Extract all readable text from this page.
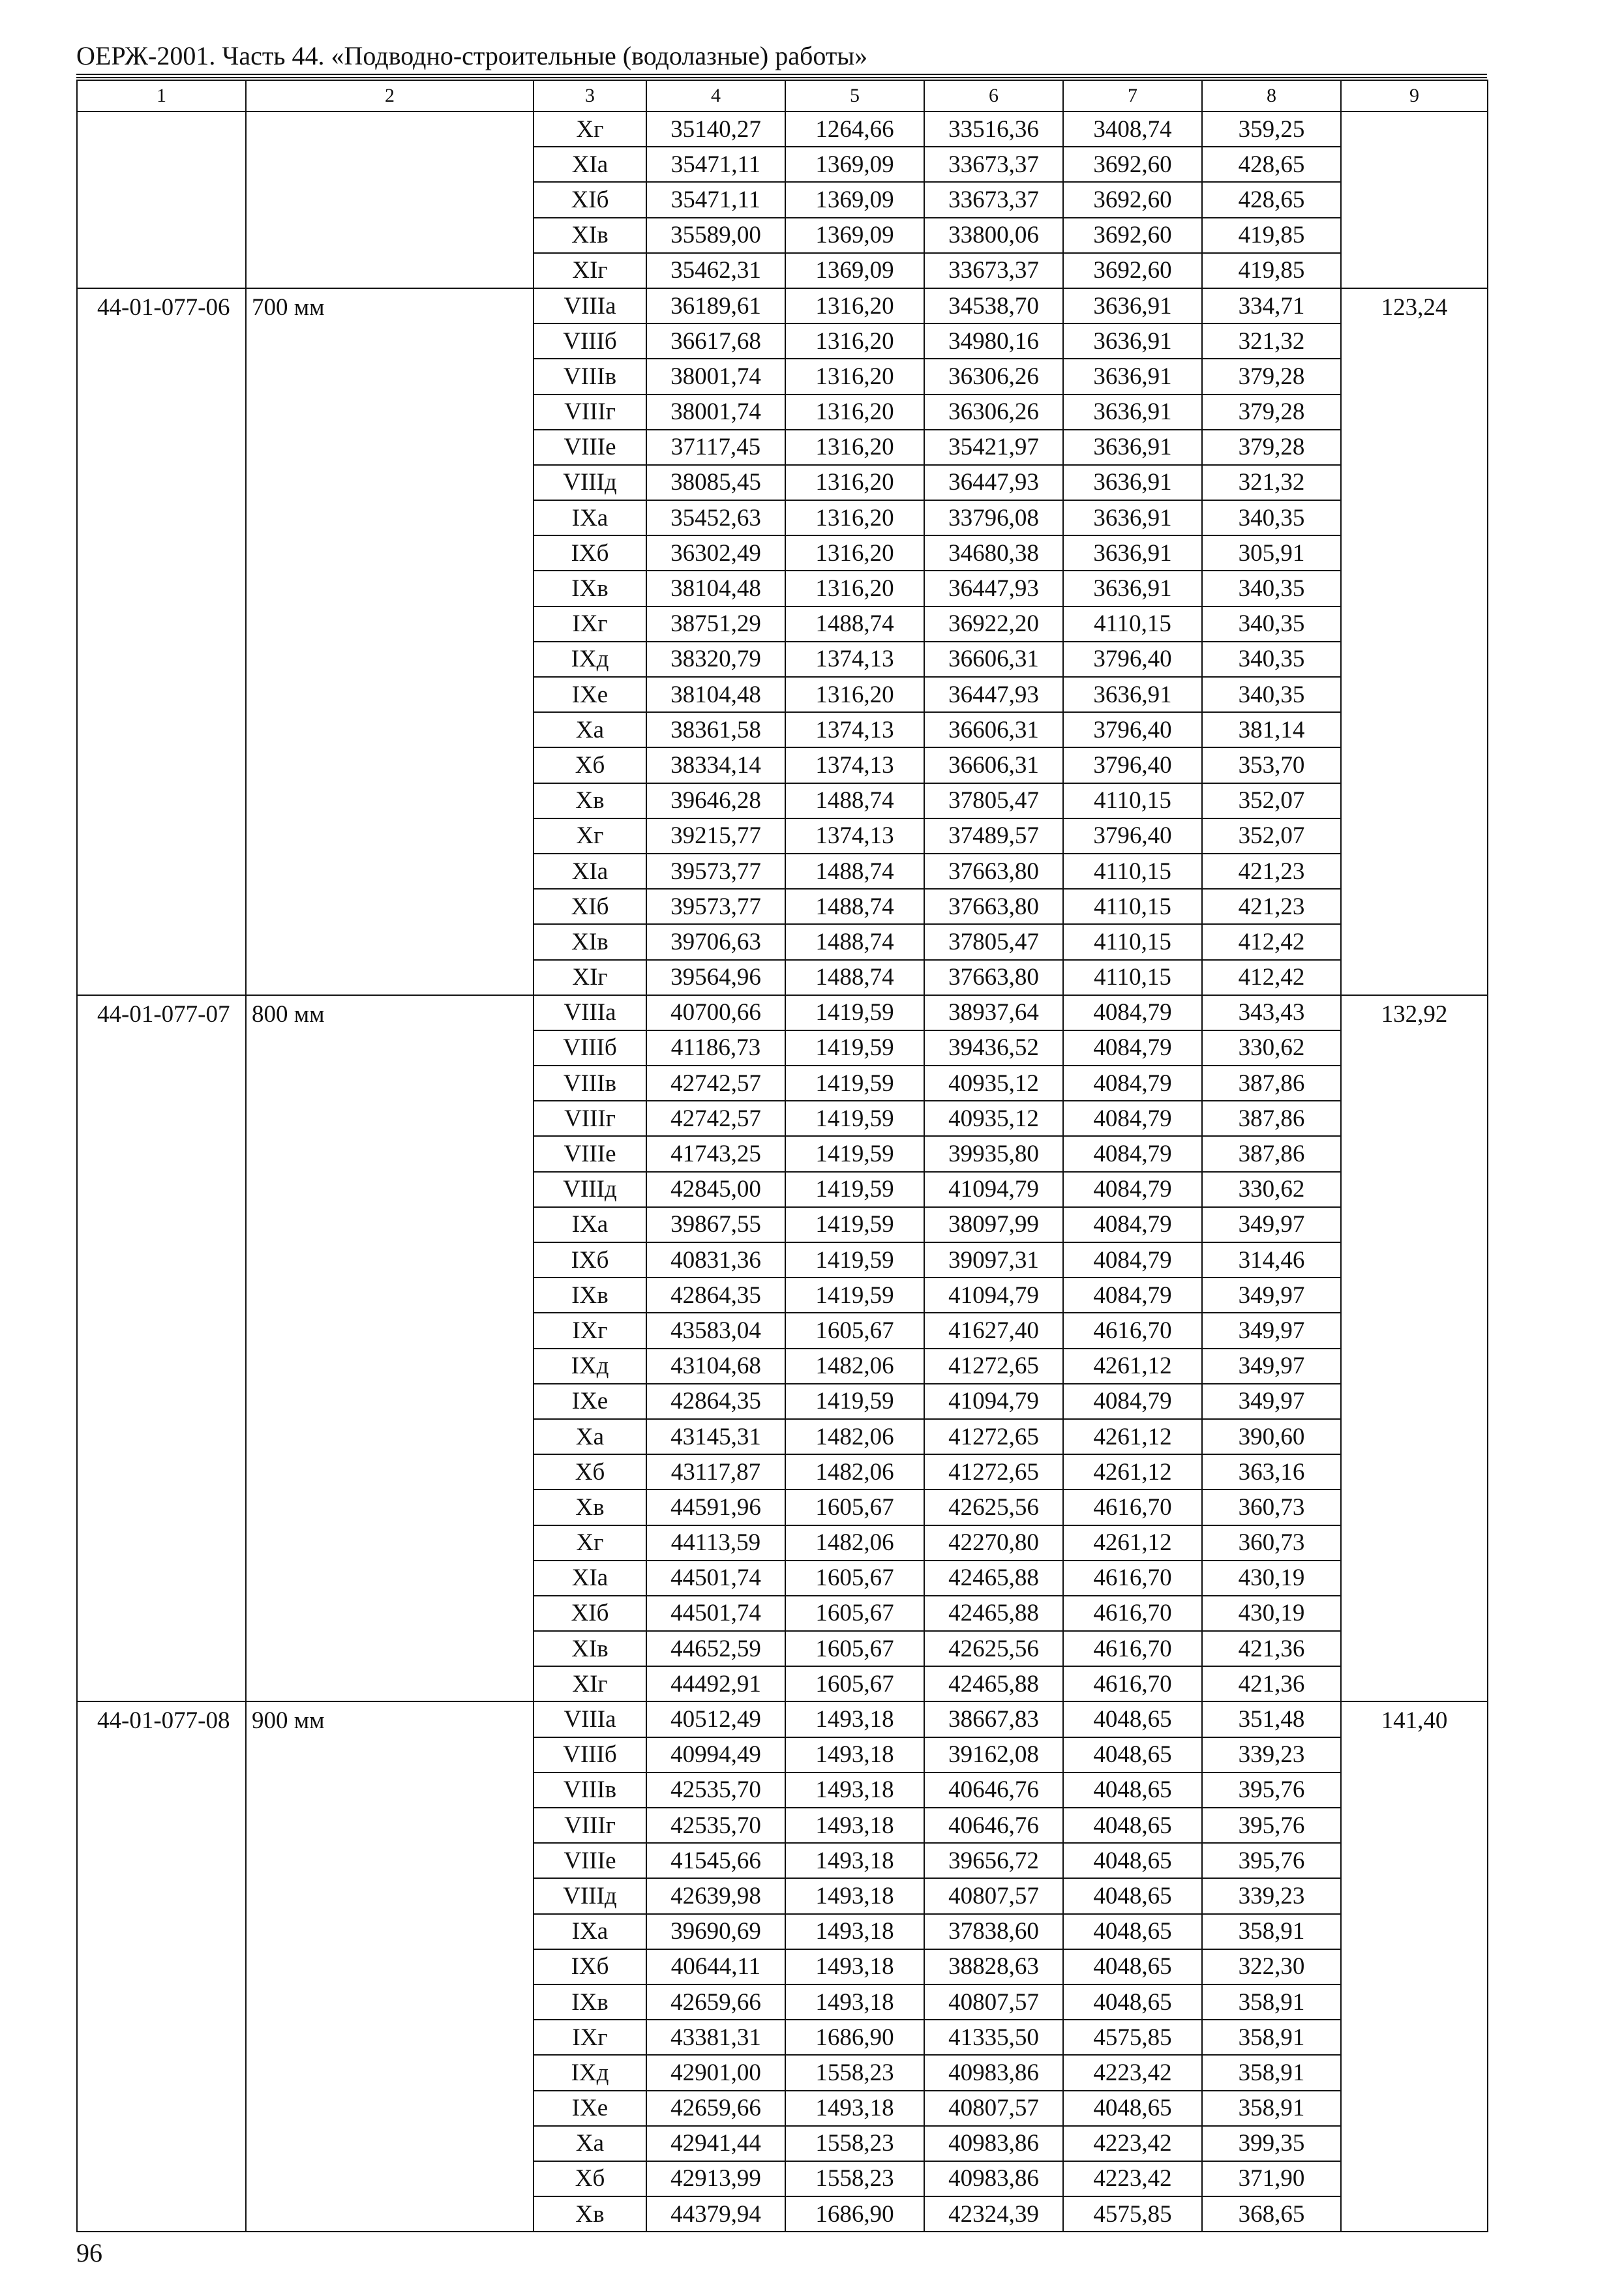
ОЕРЖ-2001. Часть 44. «Подводно-строительные (водолазные) работы»
1	2	3	4	5	6	7	8	9
		Xг	35140,27	1264,66	33516,36	3408,74	359,25	
		XIа	35471,11	1369,09	33673,37	3692,60	428,65	
		XIб	35471,11	1369,09	33673,37	3692,60	428,65	
		XIв	35589,00	1369,09	33800,06	3692,60	419,85	
		XIг	35462,31	1369,09	33673,37	3692,60	419,85	
44-01-077-06	700 мм	VIIIа	36189,61	1316,20	34538,70	3636,91	334,71	123,24
		VIIIб	36617,68	1316,20	34980,16	3636,91	321,32	
		VIIIв	38001,74	1316,20	36306,26	3636,91	379,28	
		VIIIг	38001,74	1316,20	36306,26	3636,91	379,28	
		VIIIе	37117,45	1316,20	35421,97	3636,91	379,28	
		VIIIд	38085,45	1316,20	36447,93	3636,91	321,32	
		IXа	35452,63	1316,20	33796,08	3636,91	340,35	
		IXб	36302,49	1316,20	34680,38	3636,91	305,91	
		IXв	38104,48	1316,20	36447,93	3636,91	340,35	
		IXг	38751,29	1488,74	36922,20	4110,15	340,35	
		IXд	38320,79	1374,13	36606,31	3796,40	340,35	
		IXе	38104,48	1316,20	36447,93	3636,91	340,35	
		Xа	38361,58	1374,13	36606,31	3796,40	381,14	
		Xб	38334,14	1374,13	36606,31	3796,40	353,70	
		Xв	39646,28	1488,74	37805,47	4110,15	352,07	
		Xг	39215,77	1374,13	37489,57	3796,40	352,07	
		XIа	39573,77	1488,74	37663,80	4110,15	421,23	
		XIб	39573,77	1488,74	37663,80	4110,15	421,23	
		XIв	39706,63	1488,74	37805,47	4110,15	412,42	
		XIг	39564,96	1488,74	37663,80	4110,15	412,42	
44-01-077-07	800 мм	VIIIа	40700,66	1419,59	38937,64	4084,79	343,43	132,92
		VIIIб	41186,73	1419,59	39436,52	4084,79	330,62	
		VIIIв	42742,57	1419,59	40935,12	4084,79	387,86	
		VIIIг	42742,57	1419,59	40935,12	4084,79	387,86	
		VIIIе	41743,25	1419,59	39935,80	4084,79	387,86	
		VIIIд	42845,00	1419,59	41094,79	4084,79	330,62	
		IXа	39867,55	1419,59	38097,99	4084,79	349,97	
		IXб	40831,36	1419,59	39097,31	4084,79	314,46	
		IXв	42864,35	1419,59	41094,79	4084,79	349,97	
		IXг	43583,04	1605,67	41627,40	4616,70	349,97	
		IXд	43104,68	1482,06	41272,65	4261,12	349,97	
		IXе	42864,35	1419,59	41094,79	4084,79	349,97	
		Xа	43145,31	1482,06	41272,65	4261,12	390,60	
		Xб	43117,87	1482,06	41272,65	4261,12	363,16	
		Xв	44591,96	1605,67	42625,56	4616,70	360,73	
		Xг	44113,59	1482,06	42270,80	4261,12	360,73	
		XIа	44501,74	1605,67	42465,88	4616,70	430,19	
		XIб	44501,74	1605,67	42465,88	4616,70	430,19	
		XIв	44652,59	1605,67	42625,56	4616,70	421,36	
		XIг	44492,91	1605,67	42465,88	4616,70	421,36	
44-01-077-08	900 мм	VIIIа	40512,49	1493,18	38667,83	4048,65	351,48	141,40
		VIIIб	40994,49	1493,18	39162,08	4048,65	339,23	
		VIIIв	42535,70	1493,18	40646,76	4048,65	395,76	
		VIIIг	42535,70	1493,18	40646,76	4048,65	395,76	
		VIIIе	41545,66	1493,18	39656,72	4048,65	395,76	
		VIIIд	42639,98	1493,18	40807,57	4048,65	339,23	
		IXа	39690,69	1493,18	37838,60	4048,65	358,91	
		IXб	40644,11	1493,18	38828,63	4048,65	322,30	
		IXв	42659,66	1493,18	40807,57	4048,65	358,91	
		IXг	43381,31	1686,90	41335,50	4575,85	358,91	
		IXд	42901,00	1558,23	40983,86	4223,42	358,91	
		IXе	42659,66	1493,18	40807,57	4048,65	358,91	
		Xа	42941,44	1558,23	40983,86	4223,42	399,35	
		Xб	42913,99	1558,23	40983,86	4223,42	371,90	
		Xв	44379,94	1686,90	42324,39	4575,85	368,65	
96
